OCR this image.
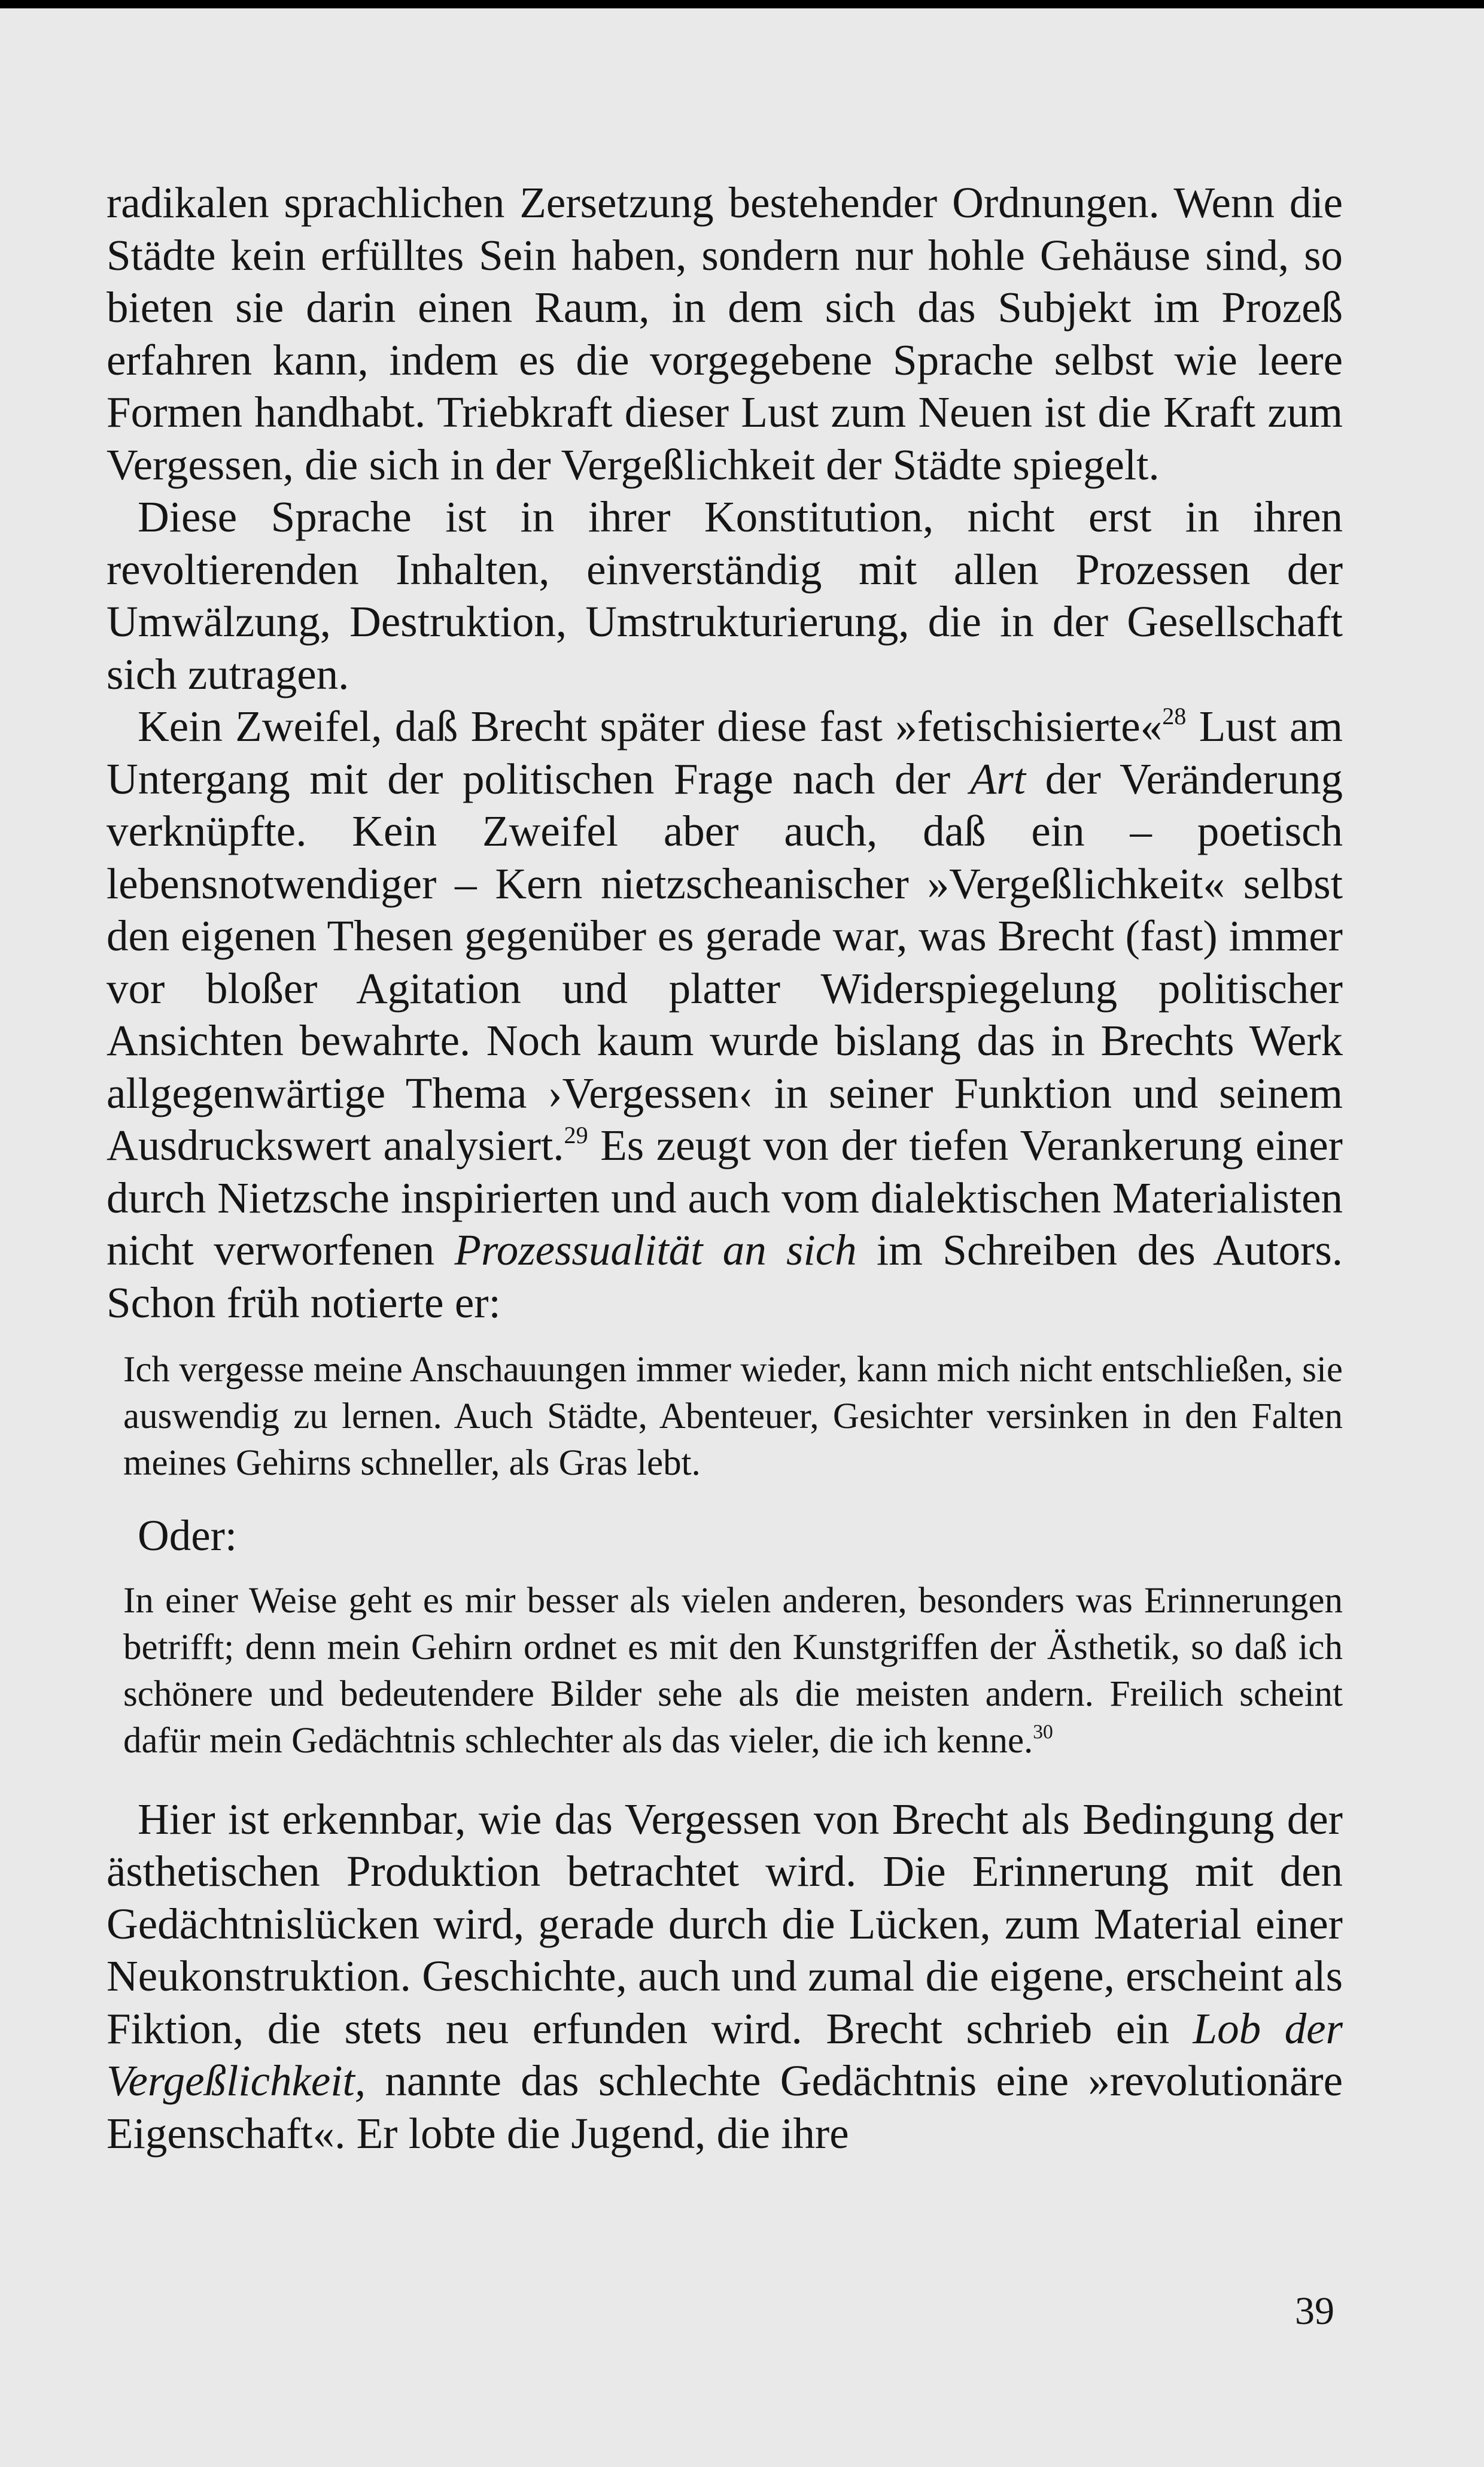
radikalen sprachlichen Zersetzung bestehender Ordnungen. Wenn die Städte kein erfülltes Sein haben, sondern nur hohle Gehäuse sind, so bieten sie darin einen Raum, in dem sich das Subjekt im Prozeß erfahren kann, indem es die vorgegebene Sprache selbst wie leere Formen handhabt. Triebkraft dieser Lust zum Neuen ist die Kraft zum Vergessen, die sich in der Vergeßlichkeit der Städte spiegelt.

Diese Sprache ist in ihrer Konstitution, nicht erst in ihren revoltierenden Inhalten, einverständig mit allen Prozessen der Umwälzung, Destruktion, Umstrukturierung, die in der Gesellschaft sich zutragen.

Kein Zweifel, daß Brecht später diese fast »fetischisierte«$^{28}$ Lust am Untergang mit der politischen Frage nach der Art der Veränderung verknüpfte. Kein Zweifel aber auch, daß ein – poetisch lebensnotwendiger – Kern nietzscheanischer »Vergeßlichkeit« selbst den eigenen Thesen gegenüber es gerade war, was Brecht (fast) immer vor bloßer Agitation und platter Widerspiegelung politischer Ansichten bewahrte. Noch kaum wurde bislang das in Brechts Werk allgegenwärtige Thema ›Vergessen‹ in seiner Funktion und seinem Ausdruckswert analysiert.$^{29}$ Es zeugt von der tiefen Verankerung einer durch Nietzsche inspirierten und auch vom dialektischen Materialisten nicht verworfenen Prozessualität an sich im Schreiben des Autors. Schon früh notierte er:

Ich vergesse meine Anschauungen immer wieder, kann mich nicht entschließen, sie auswendig zu lernen. Auch Städte, Abenteuer, Gesichter versinken in den Falten meines Gehirns schneller, als Gras lebt.

Oder:

In einer Weise geht es mir besser als vielen anderen, besonders was Erinnerungen betrifft; denn mein Gehirn ordnet es mit den Kunstgriffen der Ästhetik, so daß ich schönere und bedeutendere Bilder sehe als die meisten andern. Freilich scheint dafür mein Gedächtnis schlechter als das vieler, die ich kenne.$^{30}$

Hier ist erkennbar, wie das Vergessen von Brecht als Bedingung der ästhetischen Produktion betrachtet wird. Die Erinnerung mit den Gedächtnislücken wird, gerade durch die Lücken, zum Material einer Neukonstruktion. Geschichte, auch und zumal die eigene, erscheint als Fiktion, die stets neu erfunden wird. Brecht schrieb ein Lob der Vergeßlichkeit, nannte das schlechte Gedächtnis eine »revolutionäre Eigenschaft«. Er lobte die Jugend, die ihre

39
